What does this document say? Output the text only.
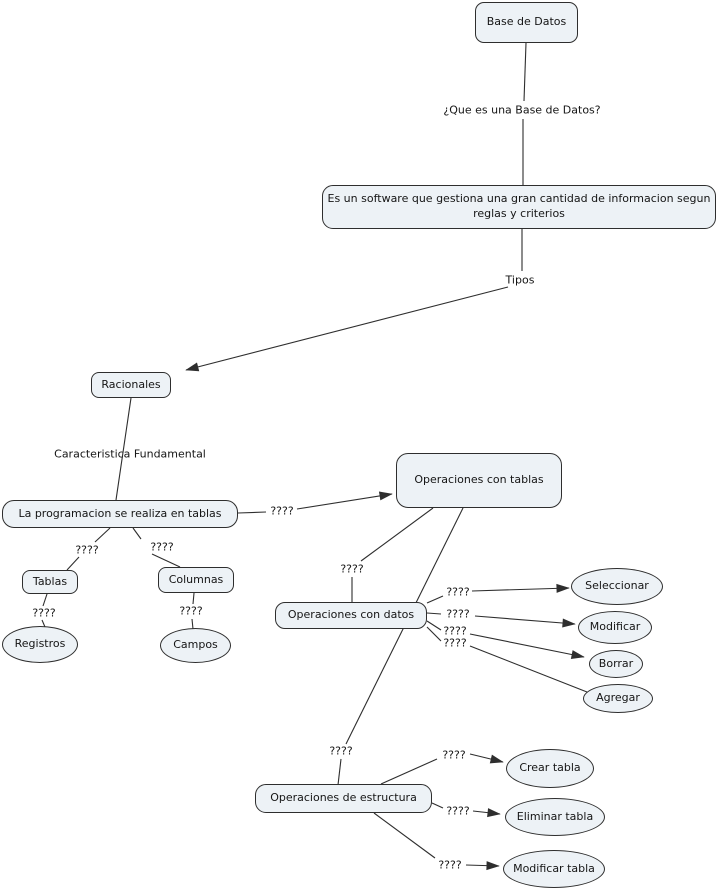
Base de Datos
Es un software que gestiona una gran cantidad de informacion segun reglas y criterios
Racionales
La programacion se realiza en tablas
Operaciones con tablas
Tablas	Columnas
Operaciones con datos
Operaciones de estructura
Registros	Campos
Seleccionar
Modificar
Borrar
Agregar
Crear tabla
Eliminar tabla
Modificar tabla
¿Que es una Base de Datos?
Tipos
Caracteristica Fundamental
????
????	????
????	????
????
????
????
????
????
????	????
????
????
